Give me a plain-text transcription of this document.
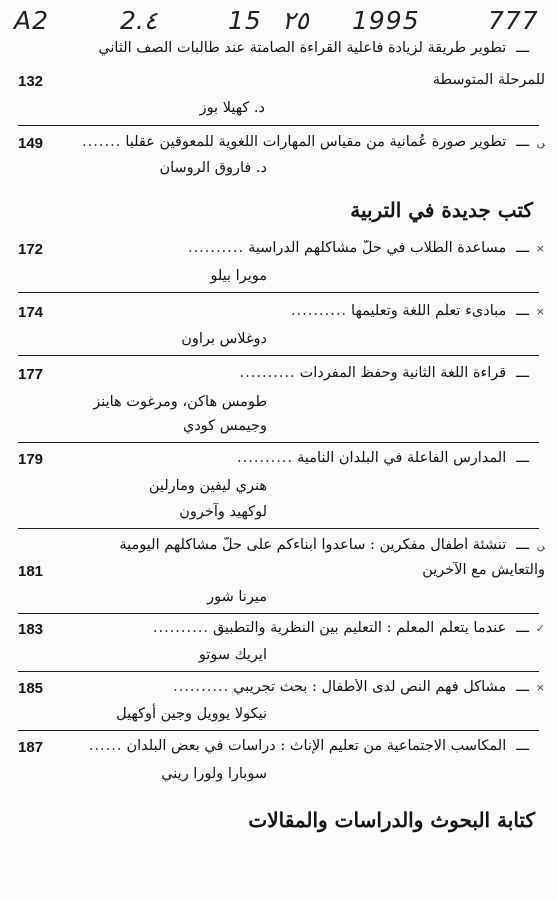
A2	2.٤	15 ٢٥ 1995	777
ـــتطوير طريقة لزيادة فاعلية القراءة الصامتة عند طالبات الصف الثاني
للمرحلة المتوسطة
132
د. كهيلا بوز
ﮟـــتطوير صورة عُمانية من مقياس المهارات اللغوية للمعوقين عقليا.......
149
د. فاروق الروسان
كتب جديدة في التربية
×ـــمساعدة الطلاب في حلّ مشاكلهم الدراسية..........
172
مويرا بيلو
×ـــمبادىء تعلّم اللغة وتعليمها..........
174
دوغلاس براون
ـــقراءة اللغة الثانية وحفظ المفردات..........
177
طومس هاكن، ومرغوت هاينز
وجيمس كودي
ـــالمدارس الفاعلة في البلدان النامية..........
179
هنري ليفين ومارلين
لوكهيد وآخرون
ﮟـــتنشئة أطفال مفكرين : ساعدوا أبناءكم على حلّ مشاكلهم اليومية
والتعايش مع الآخرين
181
ميرنا شور
✓ـــعندما يتعلّم المعلّم : التعليم بين النظرية والتطبيق..........
183
ايريك سوتو
×ـــمشاكل فهم النص لدى الأطفال : بحث تجريبي..........
185
نيكولا يوويل وجين أوكهيل
ـــالمكاسب الاجتماعية من تعليم الإناث : دراسات في بعض البلدان......
187
سوبارا ولورا ريني
كتابة البحوث والدراسات والمقالات
